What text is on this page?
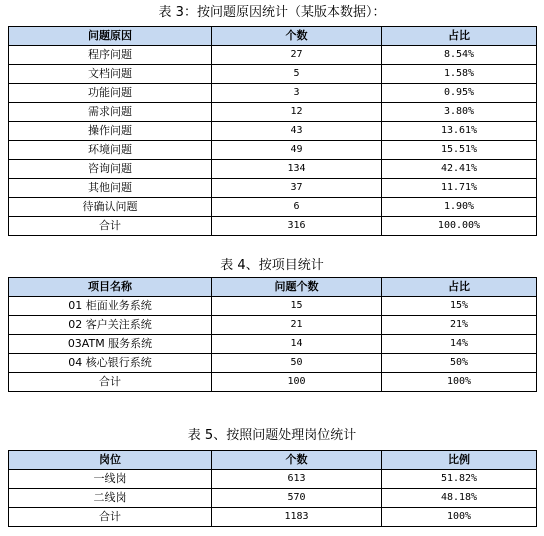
表 3：按问题原因统计（某版本数据）：
问题原因	个数	占比
程序问题	27	8.54%
文档问题	5	1.58%
功能问题	3	0.95%
需求问题	12	3.80%
操作问题	43	13.61%
环境问题	49	15.51%
咨询问题	134	42.41%
其他问题	37	11.71%
待确认问题	6	1.90%
合计	316	100.00%
表 4、按项目统计
项目名称	问题个数	占比
01 柜面业务系统	15	15%
02 客户关注系统	21	21%
03ATM 服务系统	14	14%
04 核心银行系统	50	50%
合计	100	100%
表 5、按照问题处理岗位统计
岗位	个数	比例
一线岗	613	51.82%
二线岗	570	48.18%
合计	1183	100%
